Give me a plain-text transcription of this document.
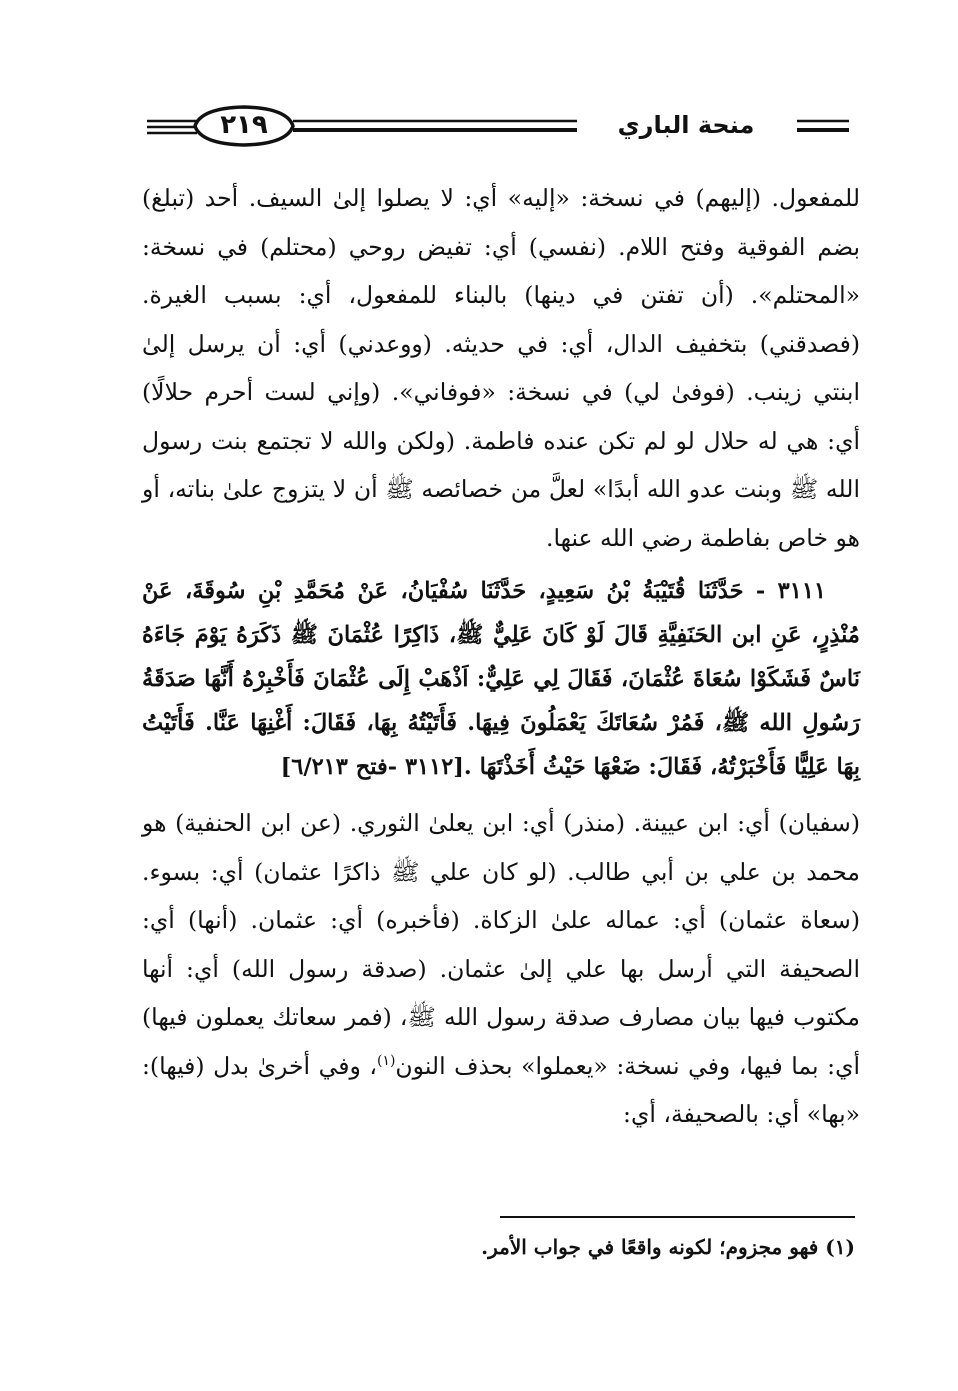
٢١٩	منحة الباري

للمفعول. (إليهم) في نسخة: «إليه» أي: لا يصلوا إلىٰ السيف. أحد (تبلغ) بضم الفوقية وفتح اللام. (نفسي) أي: تفيض روحي (محتلم) في نسخة: «المحتلم». (أن تفتن في دينها) بالبناء للمفعول، أي: بسبب الغيرة. (فصدقني) بتخفيف الدال، أي: في حديثه. (ووعدني) أي: أن يرسل إلىٰ ابنتي زينب. (فوفىٰ لي) في نسخة: «فوفاني». (وإني لست أحرم حلالًا) أي: هي له حلال لو لم تكن عنده فاطمة. (ولكن والله لا تجتمع بنت رسول الله ﷺ وبنت عدو الله أبدًا» لعلَّ من خصائصه ﷺ أن لا يتزوج علىٰ بناته، أو هو خاص بفاطمة رضي الله عنها.

٣١١١ - حَدَّثَنَا قُتَيْبَةُ بْنُ سَعِيدٍ، حَدَّثَنَا سُفْيَانُ، عَنْ مُحَمَّدِ بْنِ سُوقَةَ، عَنْ مُنْذِرٍ، عَنِ ابن الحَنَفِيَّةِ قَالَ لَوْ كَانَ عَلِيٌّ ﷺ، ذَاكِرًا عُثْمَانَ ﷺ ذَكَرَهُ يَوْمَ جَاءَهُ نَاسٌ فَشَكَوْا سُعَاةَ عُثْمَانَ، فَقَالَ لِي عَلِيٌّ: اَذْهَبْ إِلَى عُثْمَانَ فَأَخْبِرْهُ أَنَّهَا صَدَقَةُ رَسُولِ الله ﷺ، فَمُرْ سُعَاتَكَ يَعْمَلُونَ فِيهَا. فَأَتَيْتُهُ بِهَا، فَقَالَ: أَغْنِهَا عَنَّا. فَأَتَيْتُ بِهَا عَلِيًّا فَأَخْبَرْتُهُ، فَقَالَ: ضَعْهَا حَيْثُ أَخَذْتَهَا .[٣١١٢ -فتح ٦/٢١٣]

(سفيان) أي: ابن عيينة. (منذر) أي: ابن يعلىٰ الثوري. (عن ابن الحنفية) هو محمد بن علي بن أبي طالب. (لو كان علي ﷺ ذاكرًا عثمان) أي: بسوء. (سعاة عثمان) أي: عماله علىٰ الزكاة. (فأخبره) أي: عثمان. (أنها) أي: الصحيفة التي أرسل بها علي إلىٰ عثمان. (صدقة رسول الله) أي: أنها مكتوب فيها بيان مصارف صدقة رسول الله ﷺ، (فمر سعاتك يعملون فيها) أي: بما فيها، وفي نسخة: «يعملوا» بحذف النون$^{(١)}$، وفي أخرىٰ بدل (فيها): «بها» أي: بالصحيفة، أي:

(١) فهو مجزوم؛ لكونه واقعًا في جواب الأمر.
